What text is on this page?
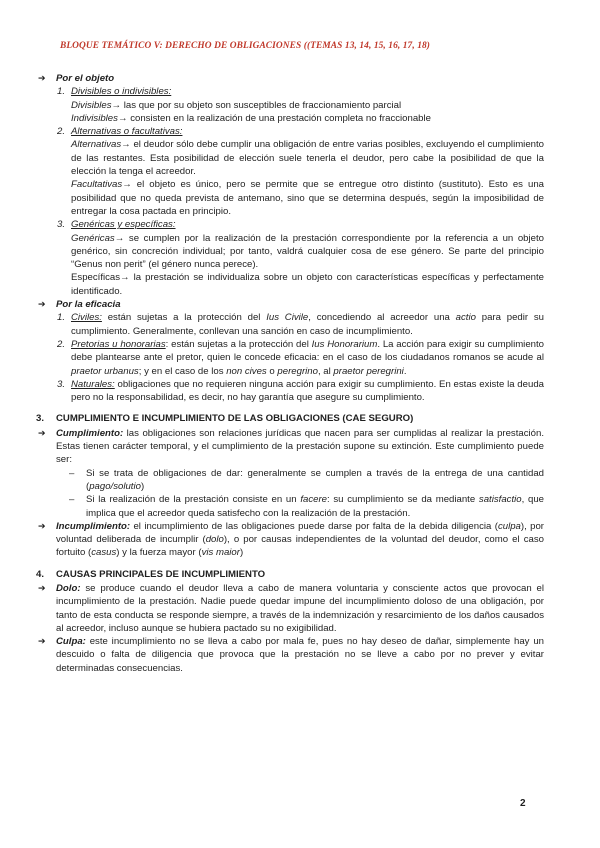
BLOQUE TEMÁTICO V: DERECHO DE OBLIGACIONES ((TEMAS 13, 14, 15, 16, 17, 18)
➔ Por el objeto
1. Divisibles o indivisibles:
Divisibles→ las que por su objeto son susceptibles de fraccionamiento parcial
Indivisibles→ consisten en la realización de una prestación completa no fraccionable
2. Alternativas o facultativas:
Alternativas→ el deudor sólo debe cumplir una obligación de entre varias posibles, excluyendo el cumplimiento de las restantes. Esta posibilidad de elección suele tenerla el deudor, pero cabe la posibilidad de que la elección la tenga el acreedor.
Facultativas→ el objeto es único, pero se permite que se entregue otro distinto (sustituto). Esto es una posibilidad que no queda prevista de antemano, sino que se determina después, según la imposibilidad de entregar la cosa pactada en principio.
3. Genéricas y específicas:
Genéricas→ se cumplen por la realización de la prestación correspondiente por la referencia a un objeto genérico, sin concreción individual; por tanto, valdrá cualquier cosa de ese género. Se parte del principio “Genus non perit” (el género nunca perece).
Específicas→ la prestación se individualiza sobre un objeto con características específicas y perfectamente identificado.
➔ Por la eficacia
1. Civiles: están sujetas a la protección del Ius Civile, concediendo al acreedor una actio para pedir su cumplimiento. Generalmente, conllevan una sanción en caso de incumplimiento.
2. Pretorias u honorarias: están sujetas a la protección del Ius Honorarium. La acción para exigir su cumplimiento debe plantearse ante el pretor, quien le concede eficacia: en el caso de los ciudadanos romanos se acude al praetor urbanus; y en el caso de los non cives o peregrino, al praetor peregrini.
3. Naturales: obligaciones que no requieren ninguna acción para exigir su cumplimiento. En estas existe la deuda pero no la responsabilidad, es decir, no hay garantía que asegure su cumplimiento.
3. CUMPLIMIENTO E INCUMPLIMIENTO DE LAS OBLIGACIONES (CAE SEGURO)
➔ Cumplimiento: las obligaciones son relaciones jurídicas que nacen para ser cumplidas al realizar la prestación. Estas tienen carácter temporal, y el cumplimiento de la prestación supone su extinción. Este cumplimiento puede ser:
– Si se trata de obligaciones de dar: generalmente se cumplen a través de la entrega de una cantidad (pago/solutio)
– Si la realización de la prestación consiste en un facere: su cumplimiento se da mediante satisfactio, que implica que el acreedor queda satisfecho con la realización de la prestación.
➔ Incumplimiento: el incumplimiento de las obligaciones puede darse por falta de la debida diligencia (culpa), por voluntad deliberada de incumplir (dolo), o por causas independientes de la voluntad del deudor, como el caso fortuito (casus) y la fuerza mayor (vis maior)
4. CAUSAS PRINCIPALES DE INCUMPLIMIENTO
➔ Dolo: se produce cuando el deudor lleva a cabo de manera voluntaria y consciente actos que provocan el incumplimiento de la prestación. Nadie puede quedar impune del incumplimiento doloso de una obligación, por tanto de esta conducta se responde siempre, a través de la indemnización y resarcimiento de los daños causados al acreedor, incluso aunque se hubiera pactado su no exigibilidad.
➔ Culpa: este incumplimiento no se lleva a cabo por mala fe, pues no hay deseo de dañar, simplemente hay un descuido o falta de diligencia que provoca que la prestación no se lleve a cabo por no prever y evitar determinadas consecuencias.
2
